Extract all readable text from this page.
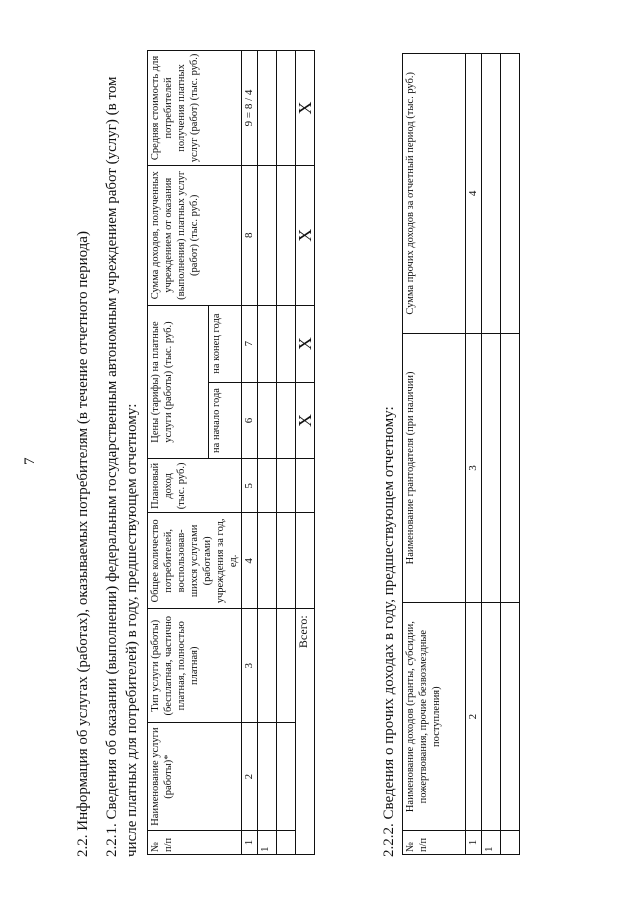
7 2.2. Информация об услугах (работах), оказываемых потребителям (в течение отчетного периода) 2.2.1. Сведения об оказании (выполнении) федеральным государственным автономным учреждением работ (услуг) (в том числе платных для потребителей) в году, предшествующем отчетному: № п/п	Наименование услуги (работы)*	Тип услуги (работы) (бесплатная, частично платная, полностью платная)	Общее количество потребителей, воспользовав-шихся услугами (работами) учреждения за год, ед.	Плановый доход (тыс. руб.)	Цены (тарифы) на платные услуги (работы) (тыс. руб.)		Сумма доходов, полученных учреждением от оказания (выполнения) платных услуг (работ) (тыс. руб.)	Средняя стоимость для потребителей получения платных услуг (работ) (тыс. руб.)
					на начало года	на конец года		
1	2	3	4	5	6	7	8	9 = 8 / 4
1								

Всего:					X	X	X	X
2.2.2. Сведения о прочих доходах в году, предшествующем отчетному: № п/п	Наименование доходов (гранты, субсидии, пожертвования, прочие безвозмездные поступления)	Наименование грантодателя (при наличии)	Сумма прочих доходов за отчетный период (тыс. руб.)
1	2	3	4
1			
